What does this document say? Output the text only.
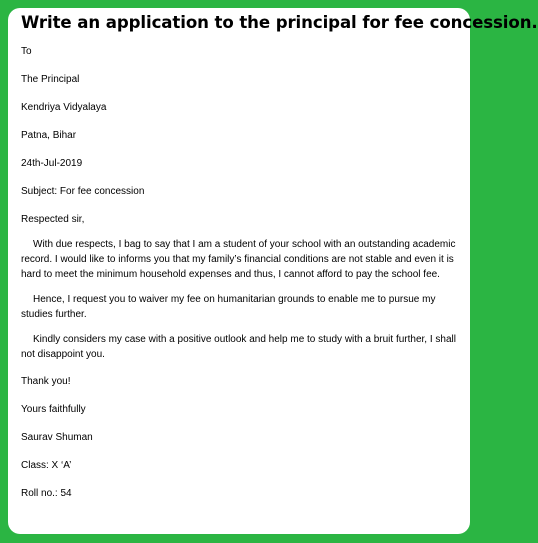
Write an application to the principal for fee concession.

To

The Principal

Kendriya Vidyalaya

Patna, Bihar

24th-Jul-2019

Subject: For fee concession

Respected sir,

With due respects, I bag to say that I am a student of your school with an outstanding academic record. I would like to informs you that my family’s financial conditions are not stable and even it is hard to meet the minimum household expenses and thus, I cannot afford to pay the school fee.

Hence, I request you to waiver my fee on humanitarian grounds to enable me to pursue my studies further.

Kindly considers my case with a positive outlook and help me to study with a bruit further, I shall not disappoint you.

Thank you!

Yours faithfully

Saurav Shuman

Class: X ‘A’

Roll no.: 54
